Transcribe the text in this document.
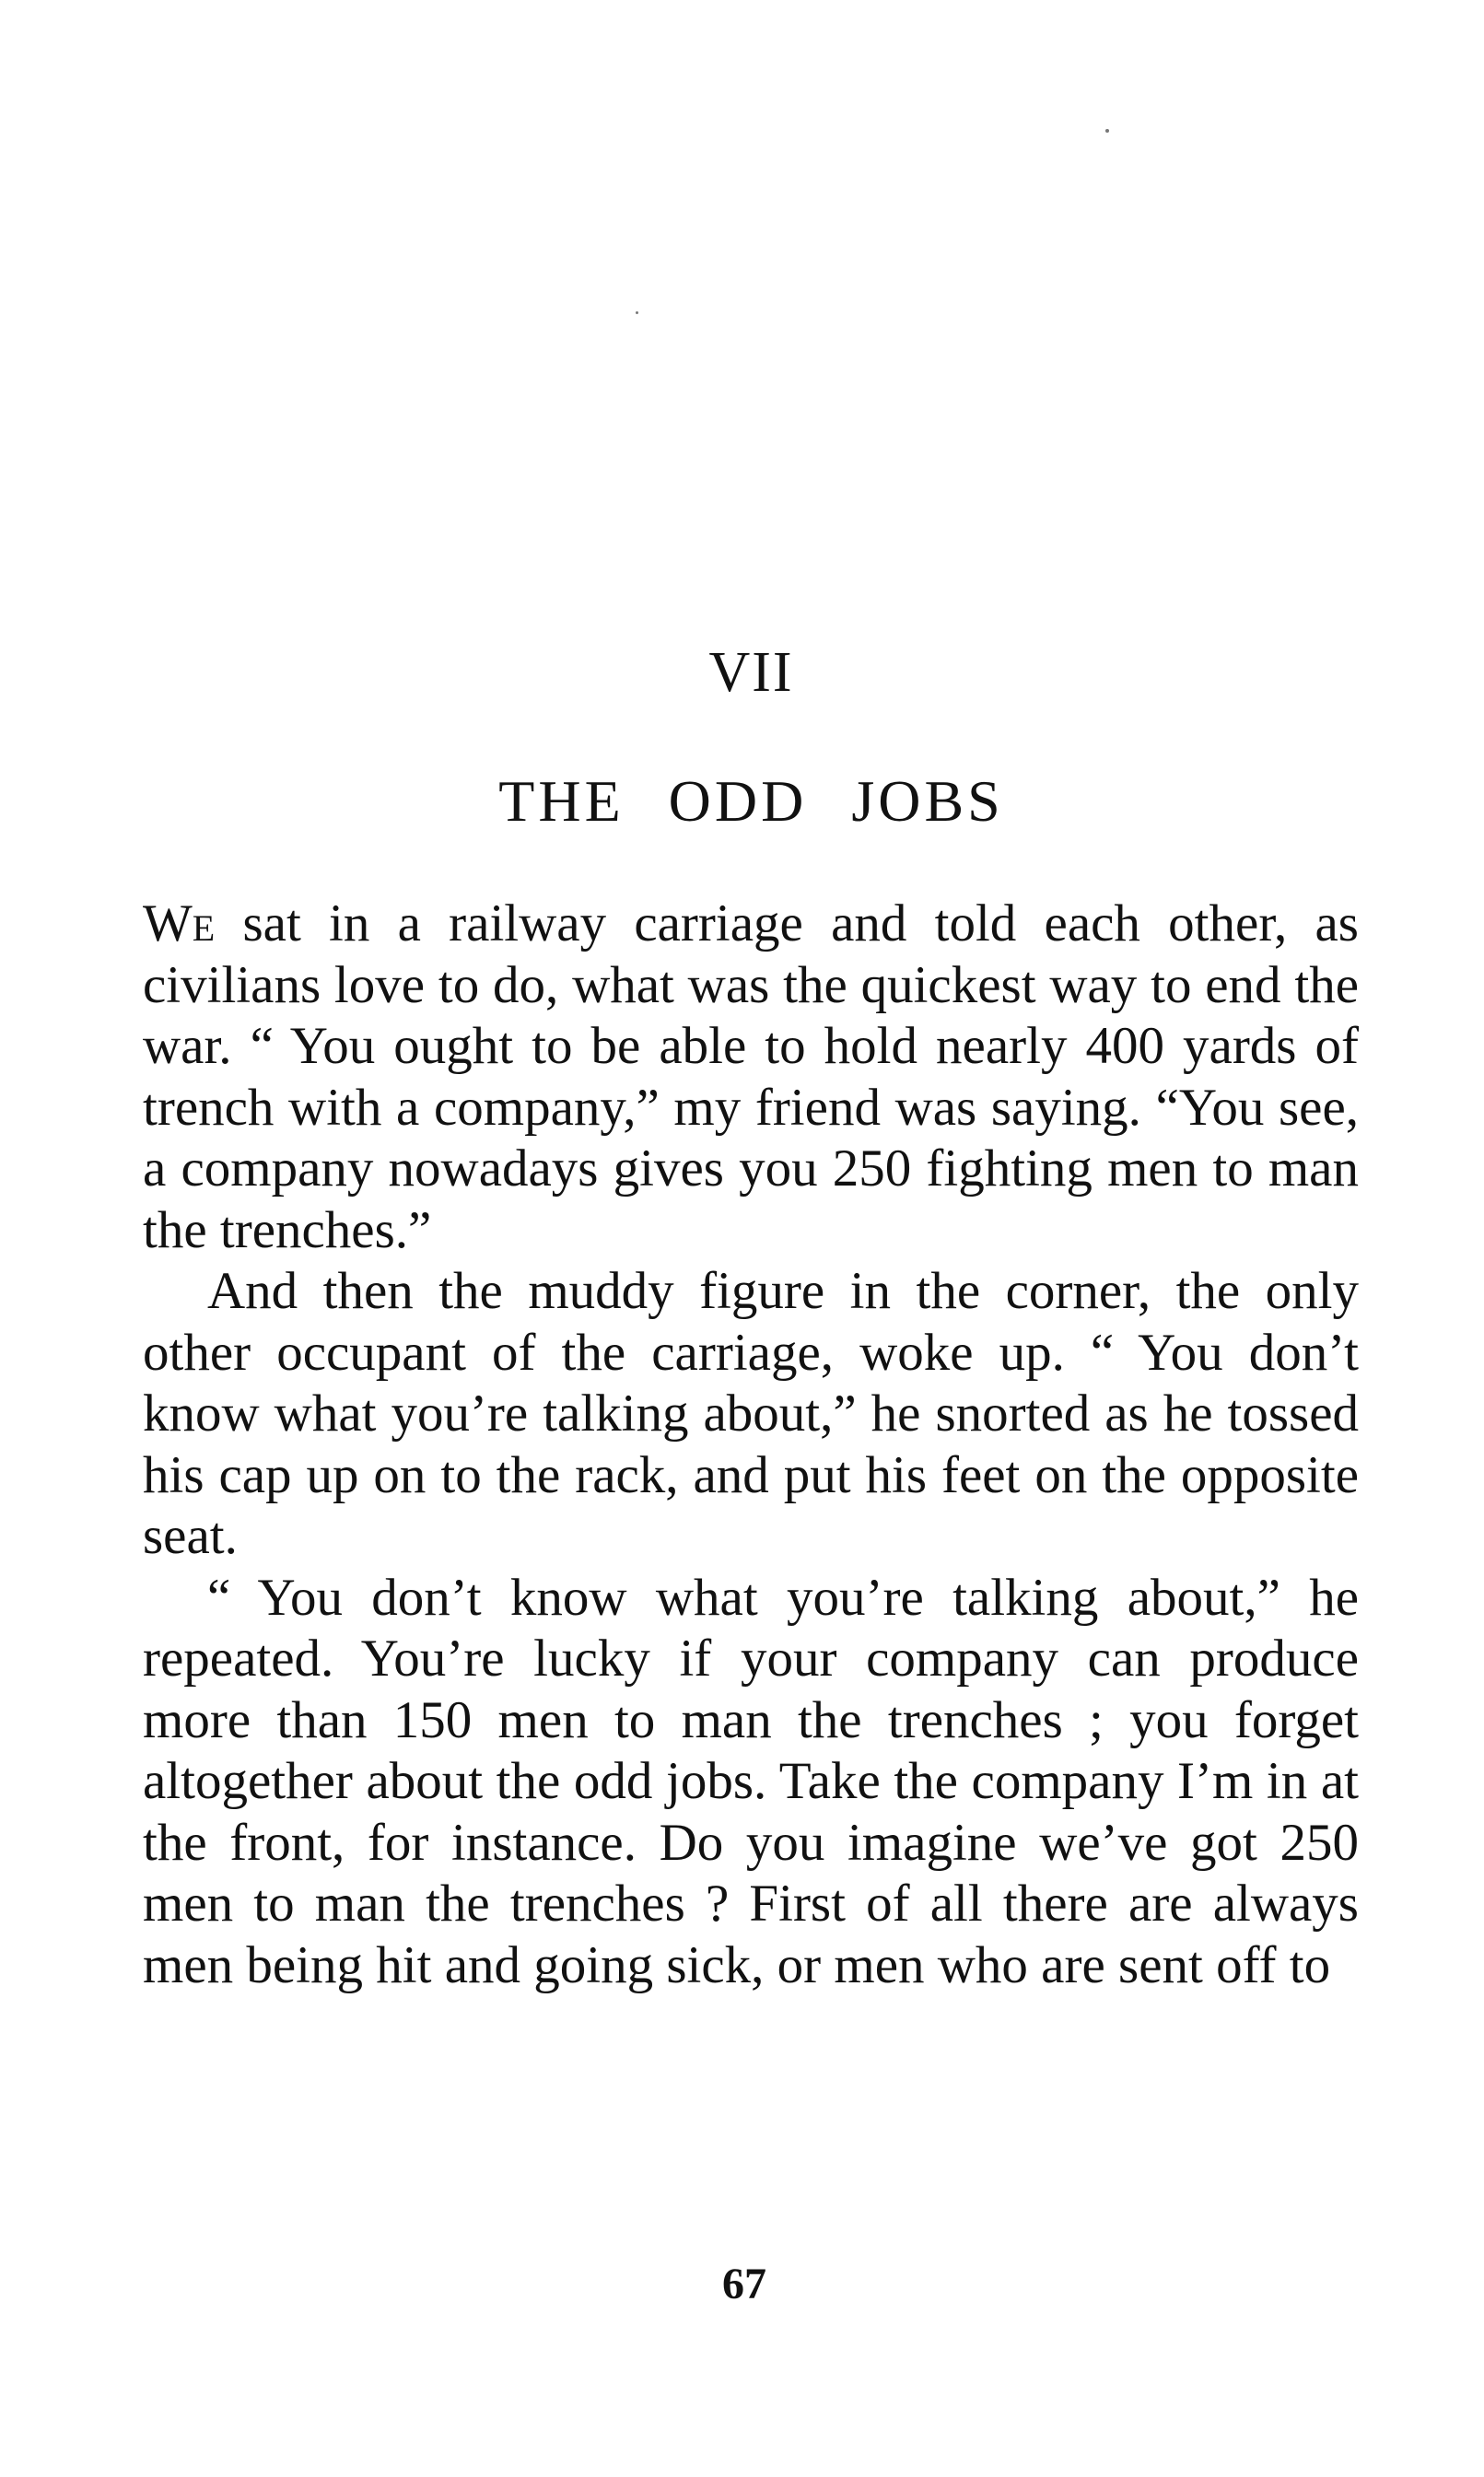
VII
THE ODD JOBS

We sat in a railway carriage and told each other, as civilians love to do, what was the quickest way to end the war. “ You ought to be able to hold nearly 400 yards of trench with a company,” my friend was saying. “You see, a company nowadays gives you 250 fighting men to man the trenches.”

And then the muddy figure in the corner, the only other occupant of the carriage, woke up. “ You don’t know what you’re talking about,” he snorted as he tossed his cap up on to the rack, and put his feet on the opposite seat.

“ You don’t know what you’re talking about,” he repeated. You’re lucky if your company can produce more than 150 men to man the trenches ; you forget altogether about the odd jobs. Take the company I’m in at the front, for instance. Do you imagine we’ve got 250 men to man the trenches ? First of all there are always men being hit and going sick, or men who are sent off to

67
